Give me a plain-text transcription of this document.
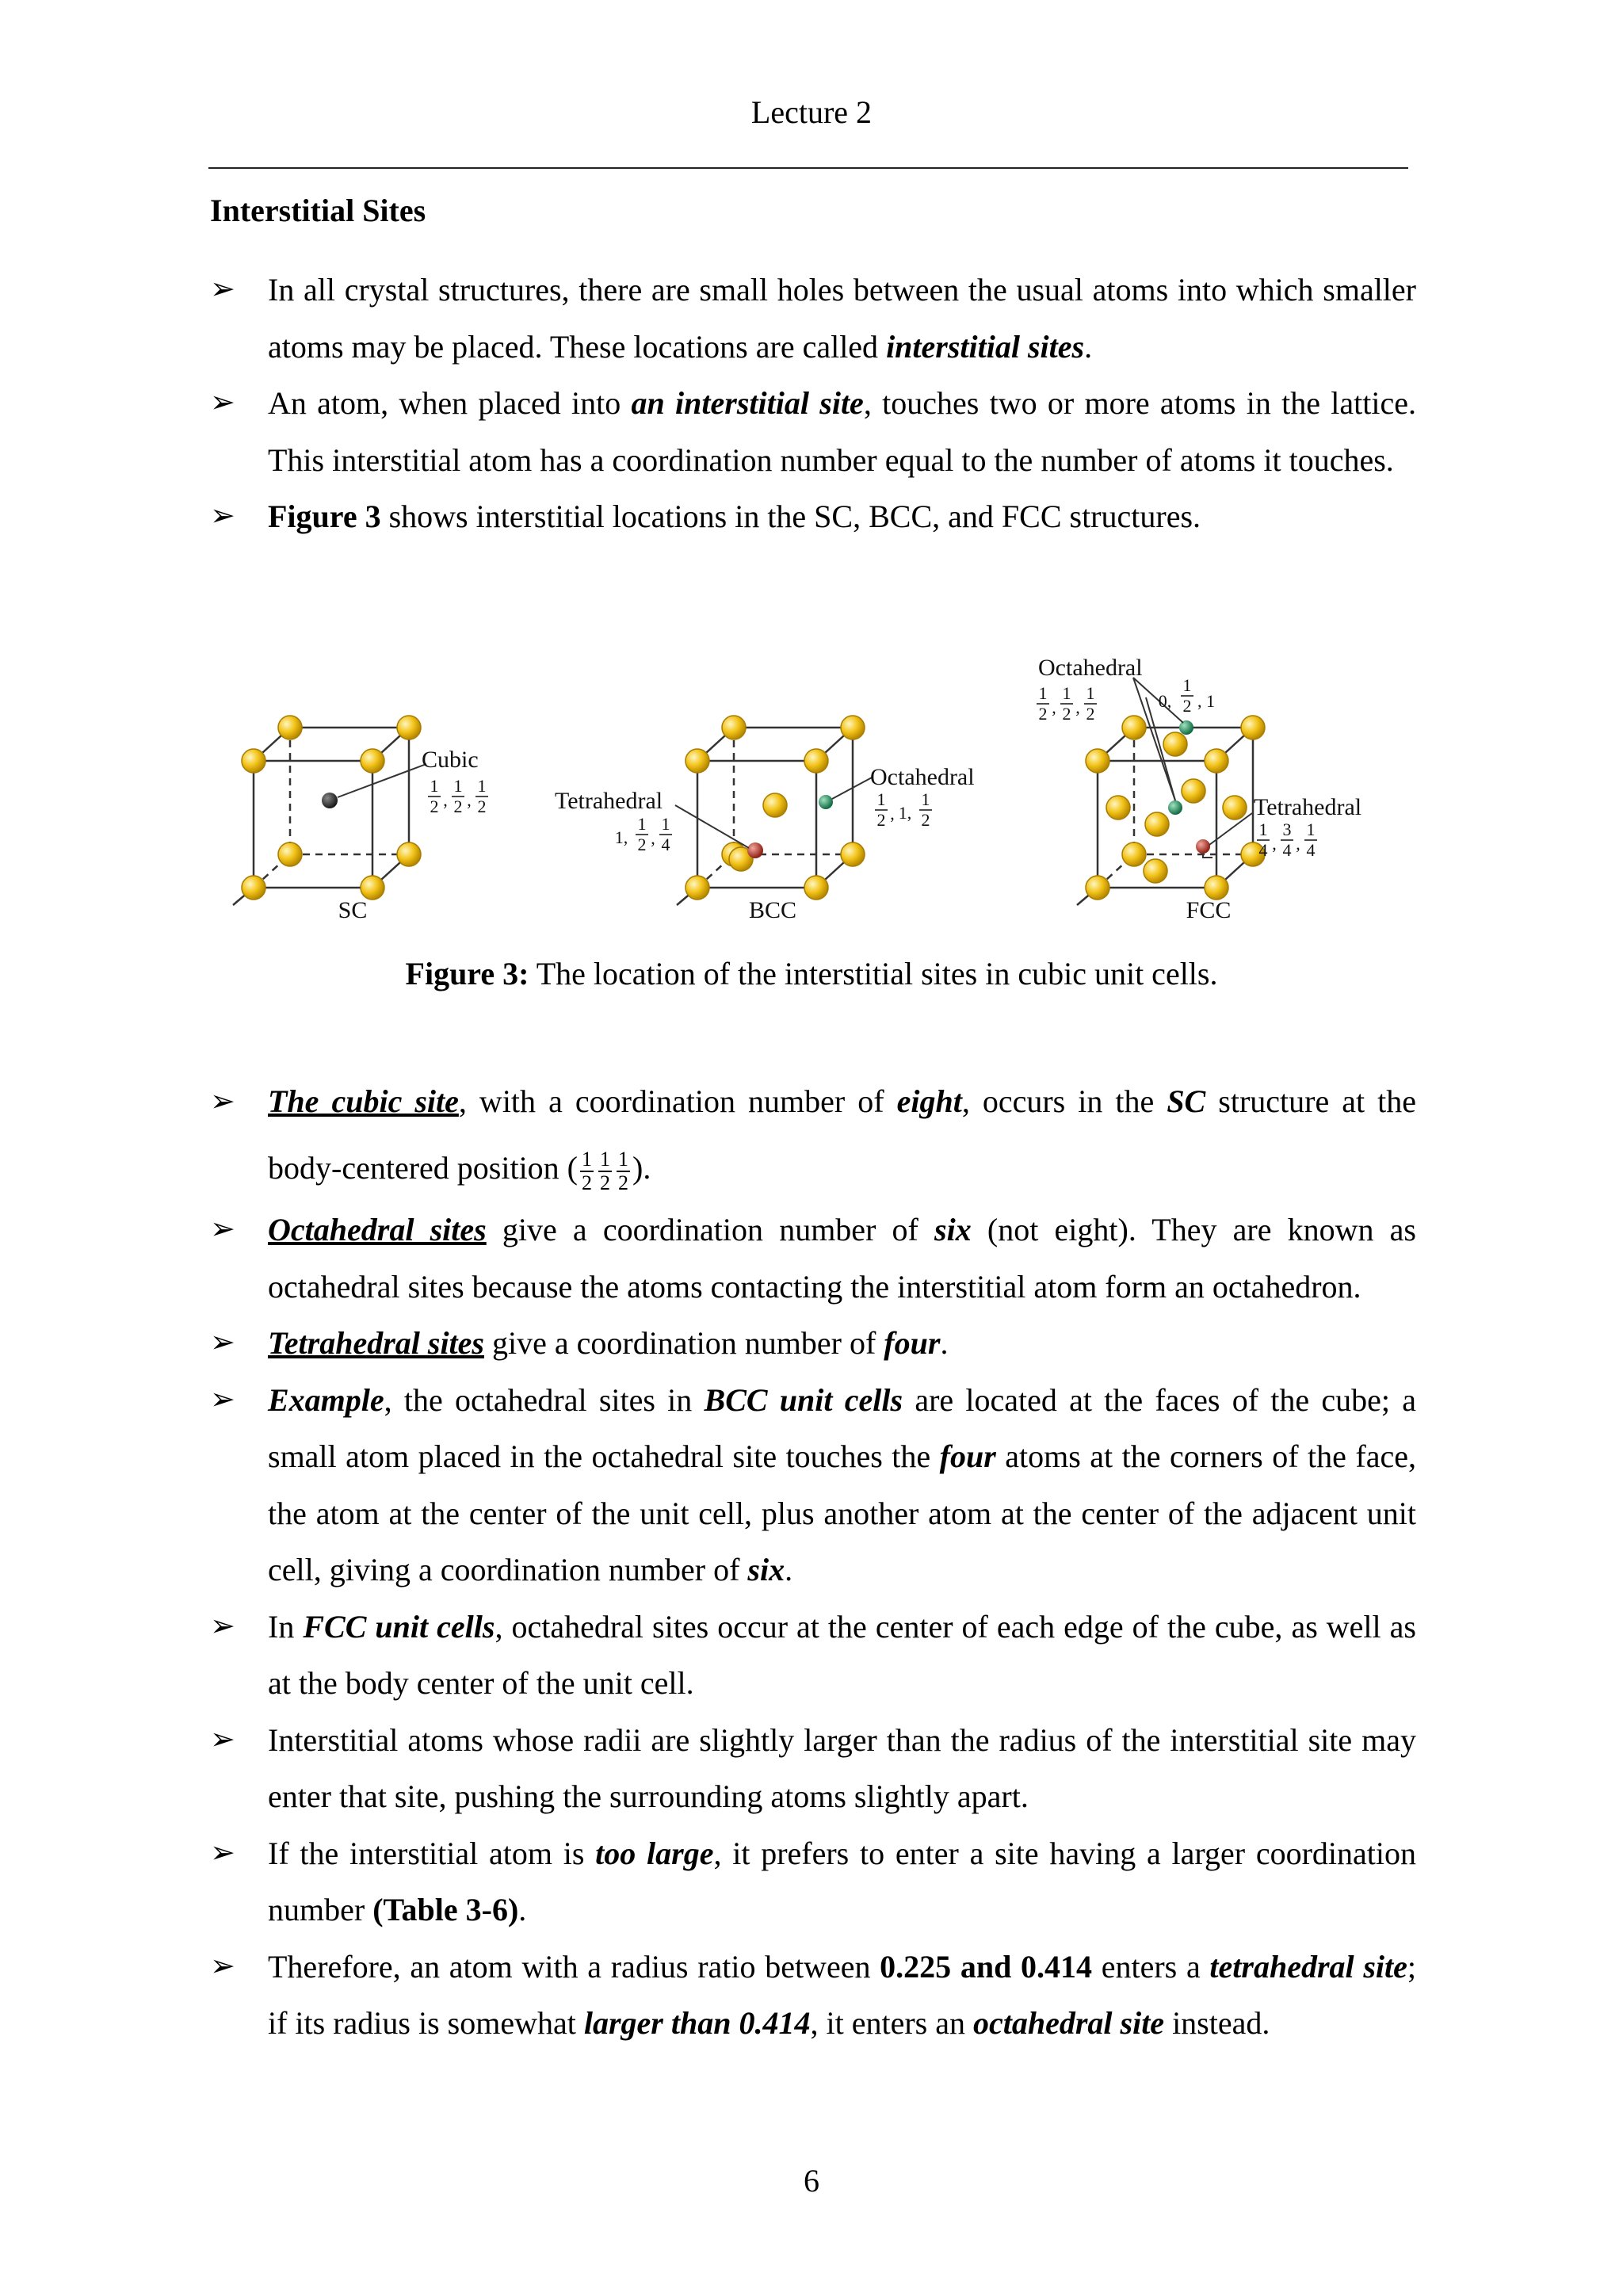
Lecture 2
Interstitial Sites
➢ In all crystal structures, there are small holes between the usual atoms into which smaller atoms may be placed. These locations are called interstitial sites.
➢ An atom, when placed into an interstitial site, touches two or more atoms in the lattice. This interstitial atom has a coordination number equal to the number of atoms it touches.
➢ Figure 3 shows interstitial locations in the SC, BCC, and FCC structures.
Cubic
1
2 ,
1
2 ,
1
2
SC
Octahedral
1
2 , 1,
1
2
Tetrahedral
1,
1
2 ,
1
4
BCC
Octahedral
1
2 ,
1
2 ,
1
2
0,
1
2 , 1
Tetrahedral
1
4 ,
3
4 ,
1
4
FCC
Figure 3: The location of the interstitial sites in cubic unit cells.
➢ The cubic site, with a coordination number of eight, occurs in the SC structure at the body-centered position ( $\frac{1}{2} \frac{1}{2} \frac{1}{2}$ ).
➢ Octahedral sites give a coordination number of six (not eight). They are known as octahedral sites because the atoms contacting the interstitial atom form an octahedron.
➢ Tetrahedral sites give a coordination number of four.
➢ Example, the octahedral sites in BCC unit cells are located at the faces of the cube; a small atom placed in the octahedral site touches the four atoms at the corners of the face, the atom at the center of the unit cell, plus another atom at the center of the adjacent unit cell, giving a coordination number of six.
➢ In FCC unit cells, octahedral sites occur at the center of each edge of the cube, as well as at the body center of the unit cell.
➢ Interstitial atoms whose radii are slightly larger than the radius of the interstitial site may enter that site, pushing the surrounding atoms slightly apart.
➢ If the interstitial atom is too large, it prefers to enter a site having a larger coordination number (Table 3-6).
➢ Therefore, an atom with a radius ratio between 0.225 and 0.414 enters a tetrahedral site; if its radius is somewhat larger than 0.414, it enters an octahedral site instead.
6
